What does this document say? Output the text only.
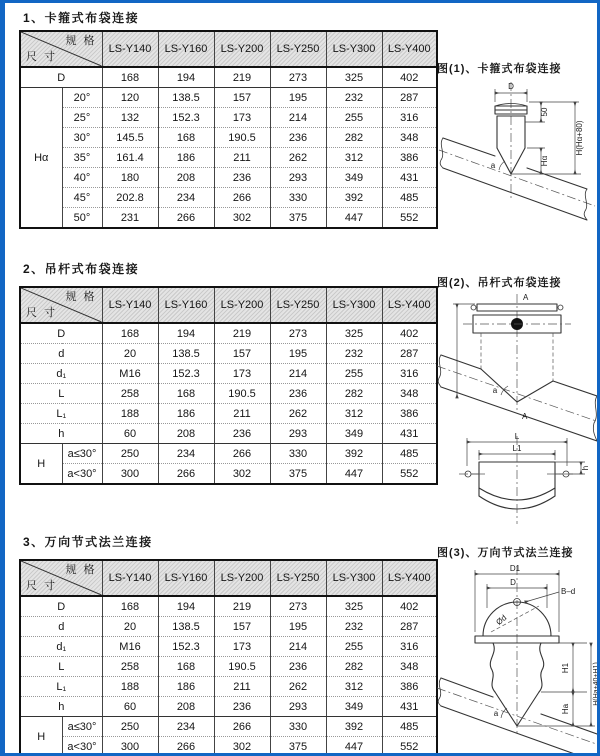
1、卡箍式布袋连接
规 格
尺 寸		LS-Y140	LS-Y160	LS-Y200	LS-Y250	LS-Y300	LS-Y400
D		168	194	219	273	325	402
Hα	20°	120	138.5	157	195	232	287
	25°	132	152.3	173	214	255	316
	30°	145.5	168	190.5	236	282	348
	35°	161.4	186	211	262	312	386
	40°	180	208	236	293	349	431
	45°	202.8	234	266	330	392	485
	50°	231	266	302	375	447	552
图(1)、卡箍式布袋连接
D
50
Hα
H(Hα+80)
a
2、吊杆式布袋连接
规 格
尺 寸		LS-Y140	LS-Y160	LS-Y200	LS-Y250	LS-Y300	LS-Y400
D		168	194	219	273	325	402
d		20	138.5	157	195	232	287
d₁		M16	152.3	173	214	255	316
L		258	168	190.5	236	282	348
L₁		188	186	211	262	312	386
h		60	208	236	293	349	431
H	a≤30°	250	234	266	330	392	485
	a<30°	300	266	302	375	447	552
图(2)、吊杆式布袋连接
A
a
A
L
L1
h
3、万向节式法兰连接
规 格
尺 寸		LS-Y140	LS-Y160	LS-Y200	LS-Y250	LS-Y300	LS-Y400
D		168	194	219	273	325	402
d		20	138.5	157	195	232	287
d₁		M16	152.3	173	214	255	316
L		258	168	190.5	236	282	348
L₁		188	186	211	262	312	386
h		60	208	236	293	349	431
H	a≤30°	250	234	266	330	392	485
	a<30°	300	266	302	375	447	552
图(3)、万向节式法兰连接
D1
D
B–d
Ød
H1
Ha
H(Ha+40+H1)
a
